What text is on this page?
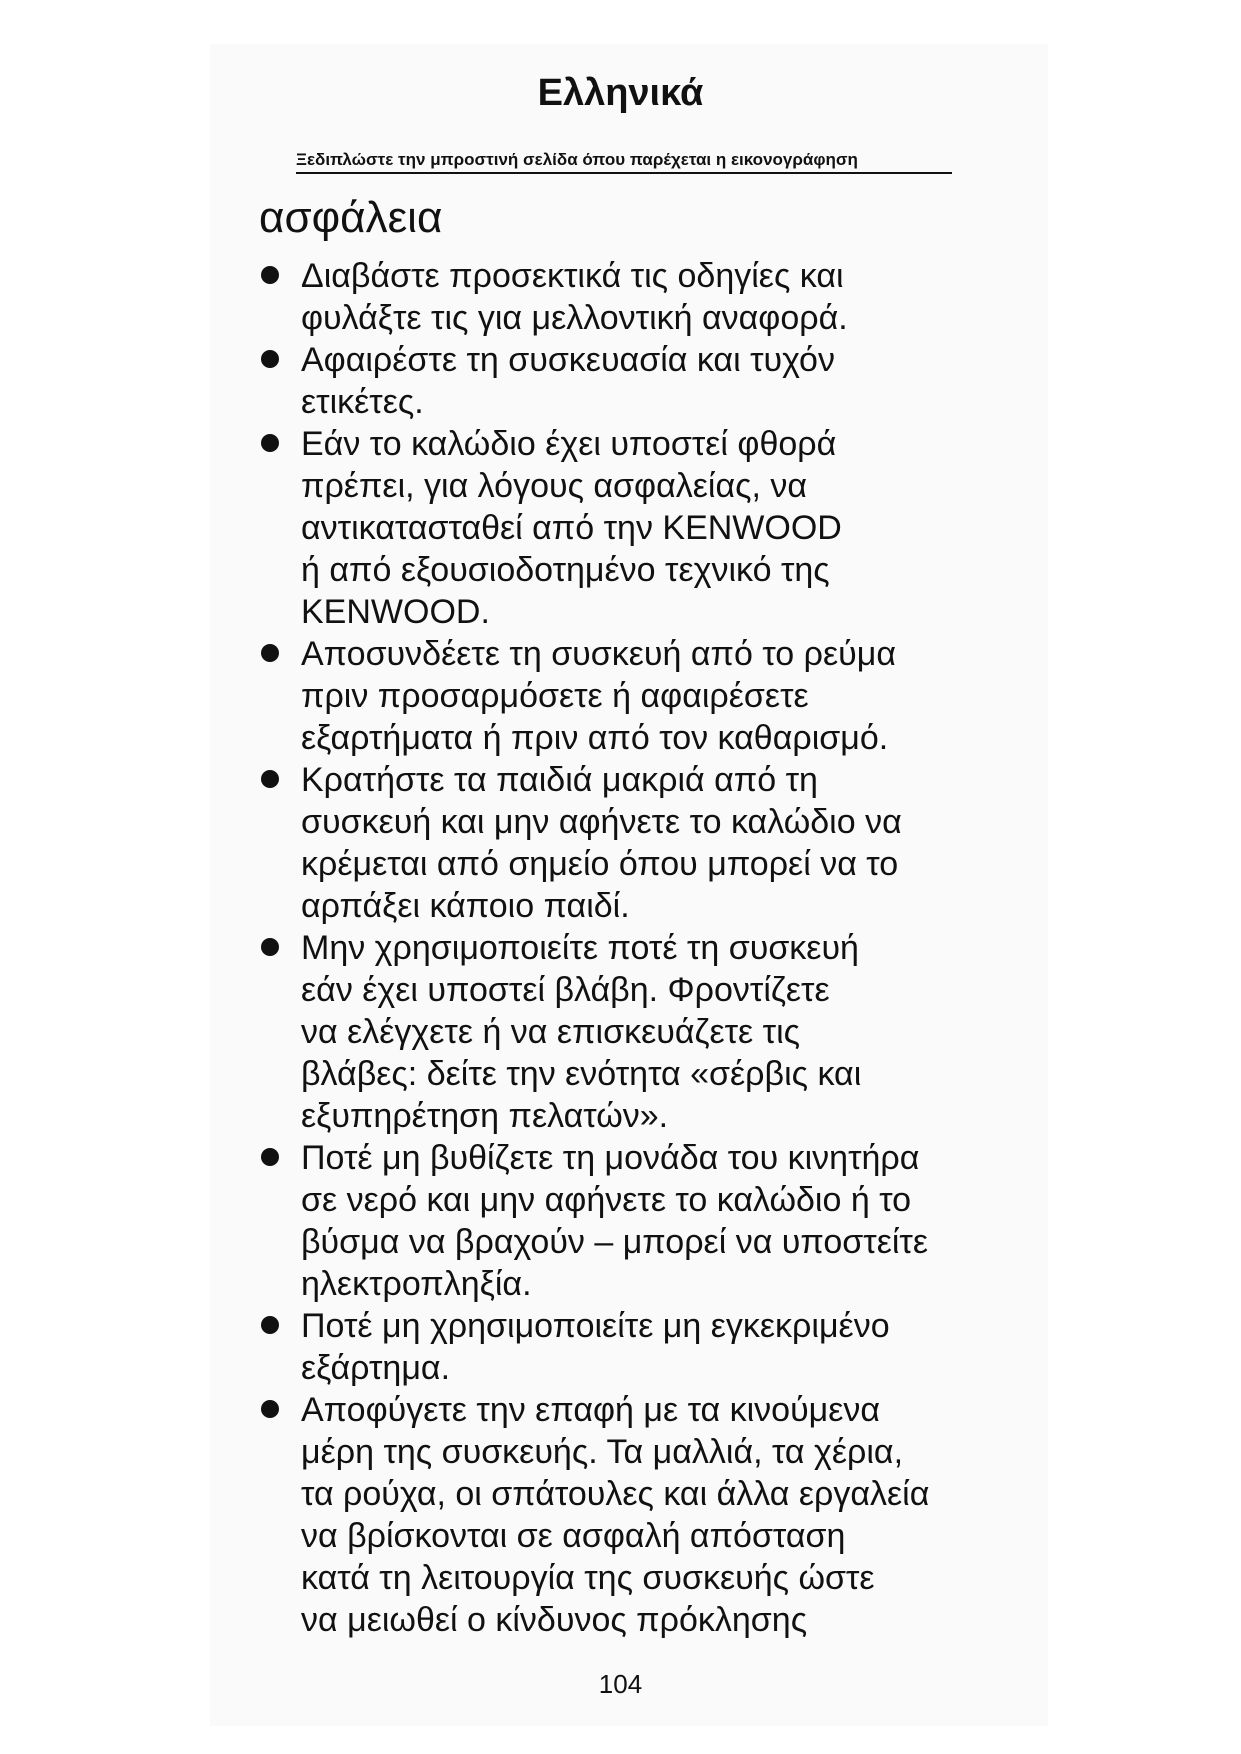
Ελληνικά
Ξεδιπλώστε την μπροστινή σελίδα όπου παρέχεται η εικονογράφηση
ασφάλεια
Διαβάστε προσεκτικά τις οδηγίες και
φυλάξτε τις για μελλοντική αναφορά.
Αφαιρέστε τη συσκευασία και τυχόν
ετικέτες.
Εάν το καλώδιο έχει υποστεί φθορά
πρέπει, για λόγους ασφαλείας, να
αντικατασταθεί από την KENWOOD
ή από εξουσιοδοτημένο τεχνικό της
KENWOOD.
Αποσυνδέετε τη συσκευή από το ρεύμα
πριν προσαρμόσετε ή αφαιρέσετε
εξαρτήματα ή πριν από τον καθαρισμό.
Κρατήστε τα παιδιά μακριά από τη
συσκευή και μην αφήνετε το καλώδιο να
κρέμεται από σημείο όπου μπορεί να το
αρπάξει κάποιο παιδί.
Μην χρησιμοποιείτε ποτέ τη συσκευή
εάν έχει υποστεί βλάβη. Φροντίζετε
να ελέγχετε ή να επισκευάζετε τις
βλάβες: δείτε την ενότητα «σέρβις και
εξυπηρέτηση πελατών».
Ποτέ μη βυθίζετε τη μονάδα του κινητήρα
σε νερό και μην αφήνετε το καλώδιο ή το
βύσμα να βραχούν – μπορεί να υποστείτε
ηλεκτροπληξία.
Ποτέ μη χρησιμοποιείτε μη εγκεκριμένο
εξάρτημα.
Αποφύγετε την επαφή με τα κινούμενα
μέρη της συσκευής. Τα μαλλιά, τα χέρια,
τα ρούχα, οι σπάτουλες και άλλα εργαλεία
να βρίσκονται σε ασφαλή απόσταση
κατά τη λειτουργία της συσκευής ώστε
να μειωθεί ο κίνδυνος πρόκλησης
104
